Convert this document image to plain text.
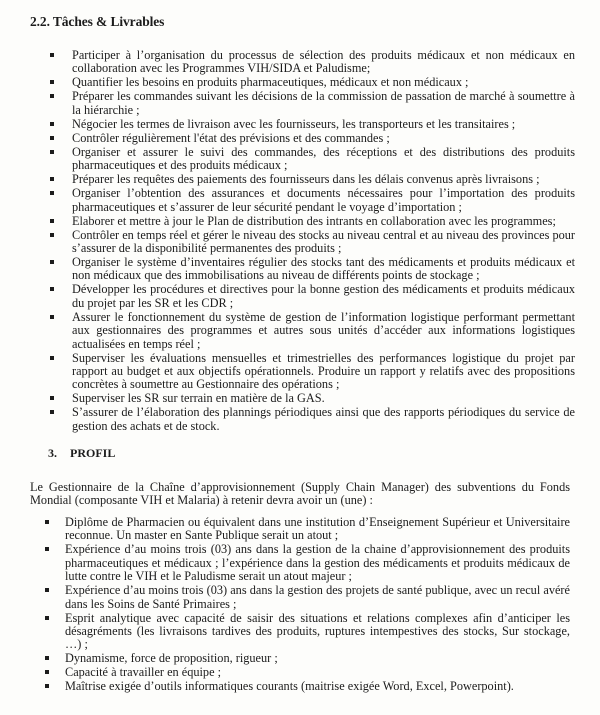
2.2. Tâches & Livrables
Participer à l’organisation du processus de sélection des produits médicaux et non médicaux en collaboration avec les Programmes VIH/SIDA et Paludisme;
Quantifier les besoins en produits pharmaceutiques, médicaux et non médicaux ;
Préparer les commandes suivant les décisions de la commission de passation de marché à soumettre à la hiérarchie ;
Négocier les termes de livraison avec les fournisseurs, les transporteurs et les transitaires ;
Contrôler régulièrement l'état des prévisions et des commandes ;
Organiser et assurer le suivi des commandes, des réceptions et des distributions des produits pharmaceutiques et des produits médicaux ;
Préparer les requêtes des paiements des fournisseurs dans les délais convenus après livraisons ;
Organiser l’obtention des assurances et documents nécessaires pour l’importation des produits pharmaceutiques et s’assurer de leur sécurité pendant le voyage d’importation ;
Elaborer et mettre à jour le Plan de distribution des intrants en collaboration avec les programmes;
Contrôler en temps réel et gérer le niveau des stocks au niveau central et au niveau des provinces pour s’assurer de la disponibilité permanentes des produits ;
Organiser le système d’inventaires régulier des stocks tant des médicaments et produits médicaux et non médicaux que des immobilisations au niveau de différents points de stockage ;
Développer les procédures et directives pour la bonne gestion des médicaments et produits médicaux du projet par les SR et les CDR ;
Assurer le fonctionnement du système de gestion de l’information logistique performant permettant aux gestionnaires des programmes et autres sous unités d’accéder aux informations logistiques actualisées en temps réel ;
Superviser les évaluations mensuelles et trimestrielles des performances logistique du projet par rapport au budget et aux objectifs opérationnels. Produire un rapport y relatifs avec des propositions concrètes à soumettre au Gestionnaire des opérations ;
Superviser les SR sur terrain en matière de la GAS.
S’assurer de l’élaboration des plannings périodiques ainsi que des rapports périodiques du service de gestion des achats et de stock.
3. PROFIL
Le Gestionnaire de la Chaîne d’approvisionnement (Supply Chain Manager) des subventions du Fonds Mondial (composante VIH et Malaria) à retenir devra avoir un (une) :
Diplôme de Pharmacien ou équivalent dans une institution d’Enseignement Supérieur et Universitaire reconnue. Un master en Sante Publique serait un atout ;
Expérience d’au moins trois (03) ans dans la gestion de la chaine d’approvisionnement des produits pharmaceutiques et médicaux ; l’expérience dans la gestion des médicaments et produits médicaux de lutte contre le VIH et le Paludisme serait un atout majeur ;
Expérience d’au moins trois (03) ans dans la gestion des projets de santé publique, avec un recul avéré dans les Soins de Santé Primaires ;
Esprit analytique avec capacité de saisir des situations et relations complexes afin d’anticiper les désagréments (les livraisons tardives des produits, ruptures intempestives des stocks, Sur stockage, …) ;
Dynamisme, force de proposition, rigueur ;
Capacité à travailler en équipe ;
Maîtrise exigée d’outils informatiques courants (maitrise exigée Word, Excel, Powerpoint).
